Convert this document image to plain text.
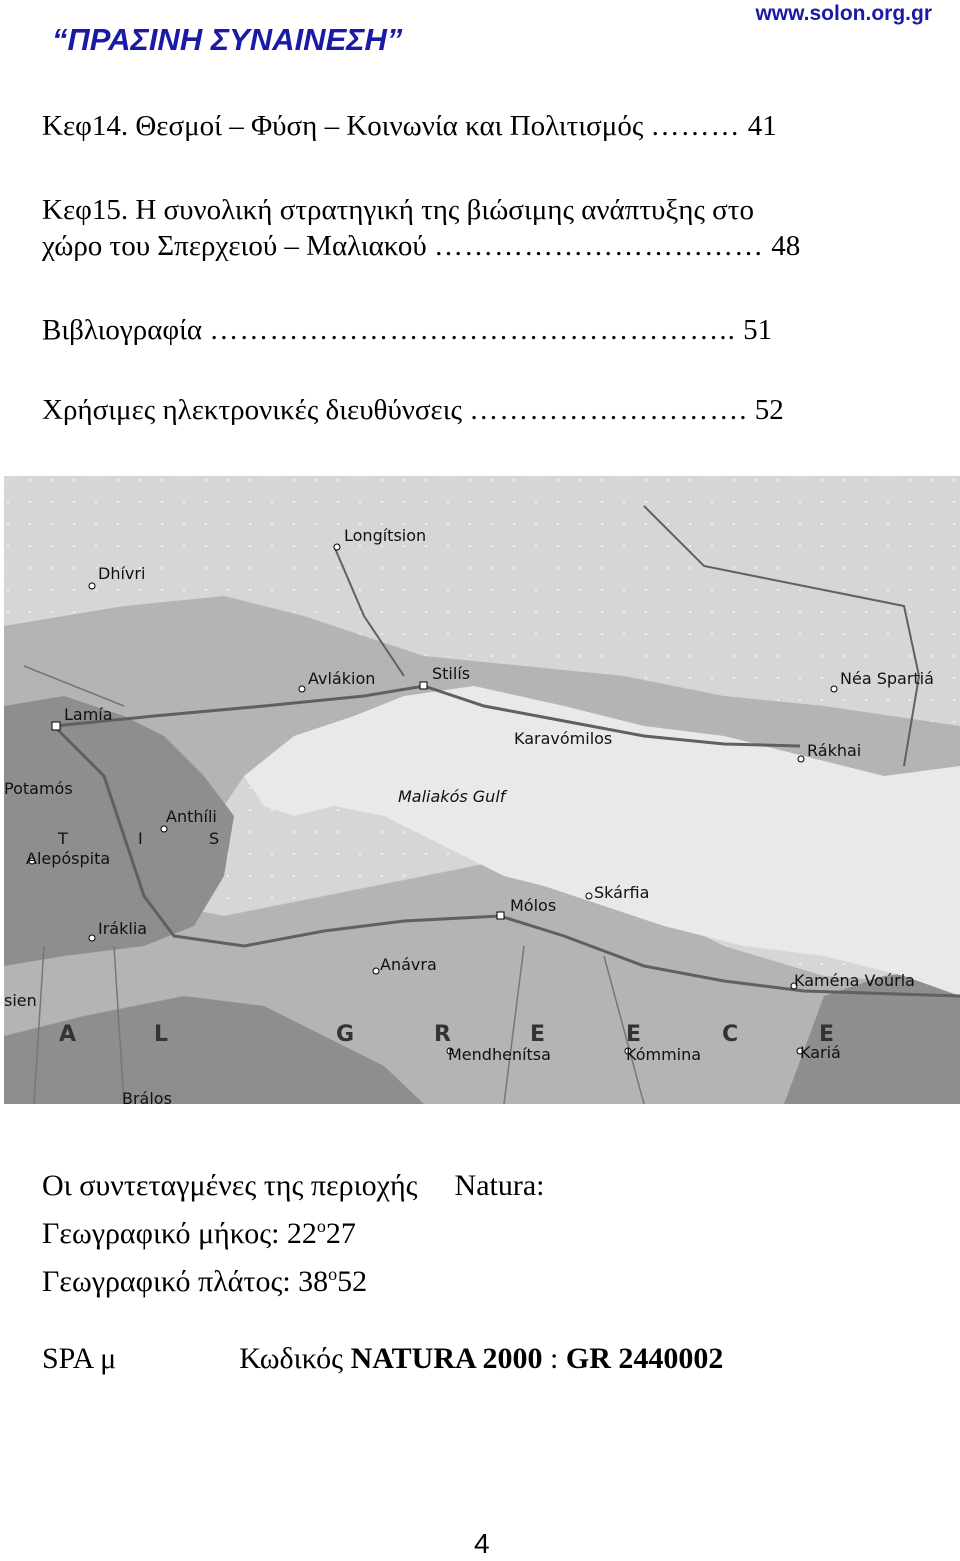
“ΠΡΑΣΙΝΗ ΣΥΝΑΙΝΕΣΗ”
www.solon.org.gr
Κεφ14. Θεσμοί – Φύση – Κοινωνία και Πολιτισμός ……… 41
Κεφ15. Η συνολική στρατηγική της βιώσιμης ανάπτυξης στο
χώρο του Σπερχειού – Μαλιακού …………………………… 48
Βιβλιογραφία …………………………………………….. 51
Χρήσιμες ηλεκτρονικές διευθύνσεις ………………………. 52
Longítsion
Dhívri
Avlákion	Stilís	Néa Spartiá
Lamía
Karavómilos
Rákhai
Potamós	Maliakós Gulf
Anthíli
S
T	I
Alepóspita
Mólos
Skárfia
Iráklia
Anávra
Kaména Voúrla
sien
A	L	G	R	E	E	C	E
Mendhenítsa	Kómmina	Kariá
Brálos
Οι συντεταγμένες της περιοχής Natura:
Γεωγραφικό μήκος: $22^o27$
Γεωγραφικό πλάτος: $38^o52$
SPA μ	Κωδικός NATURA 2000 : GR 2440002
4
